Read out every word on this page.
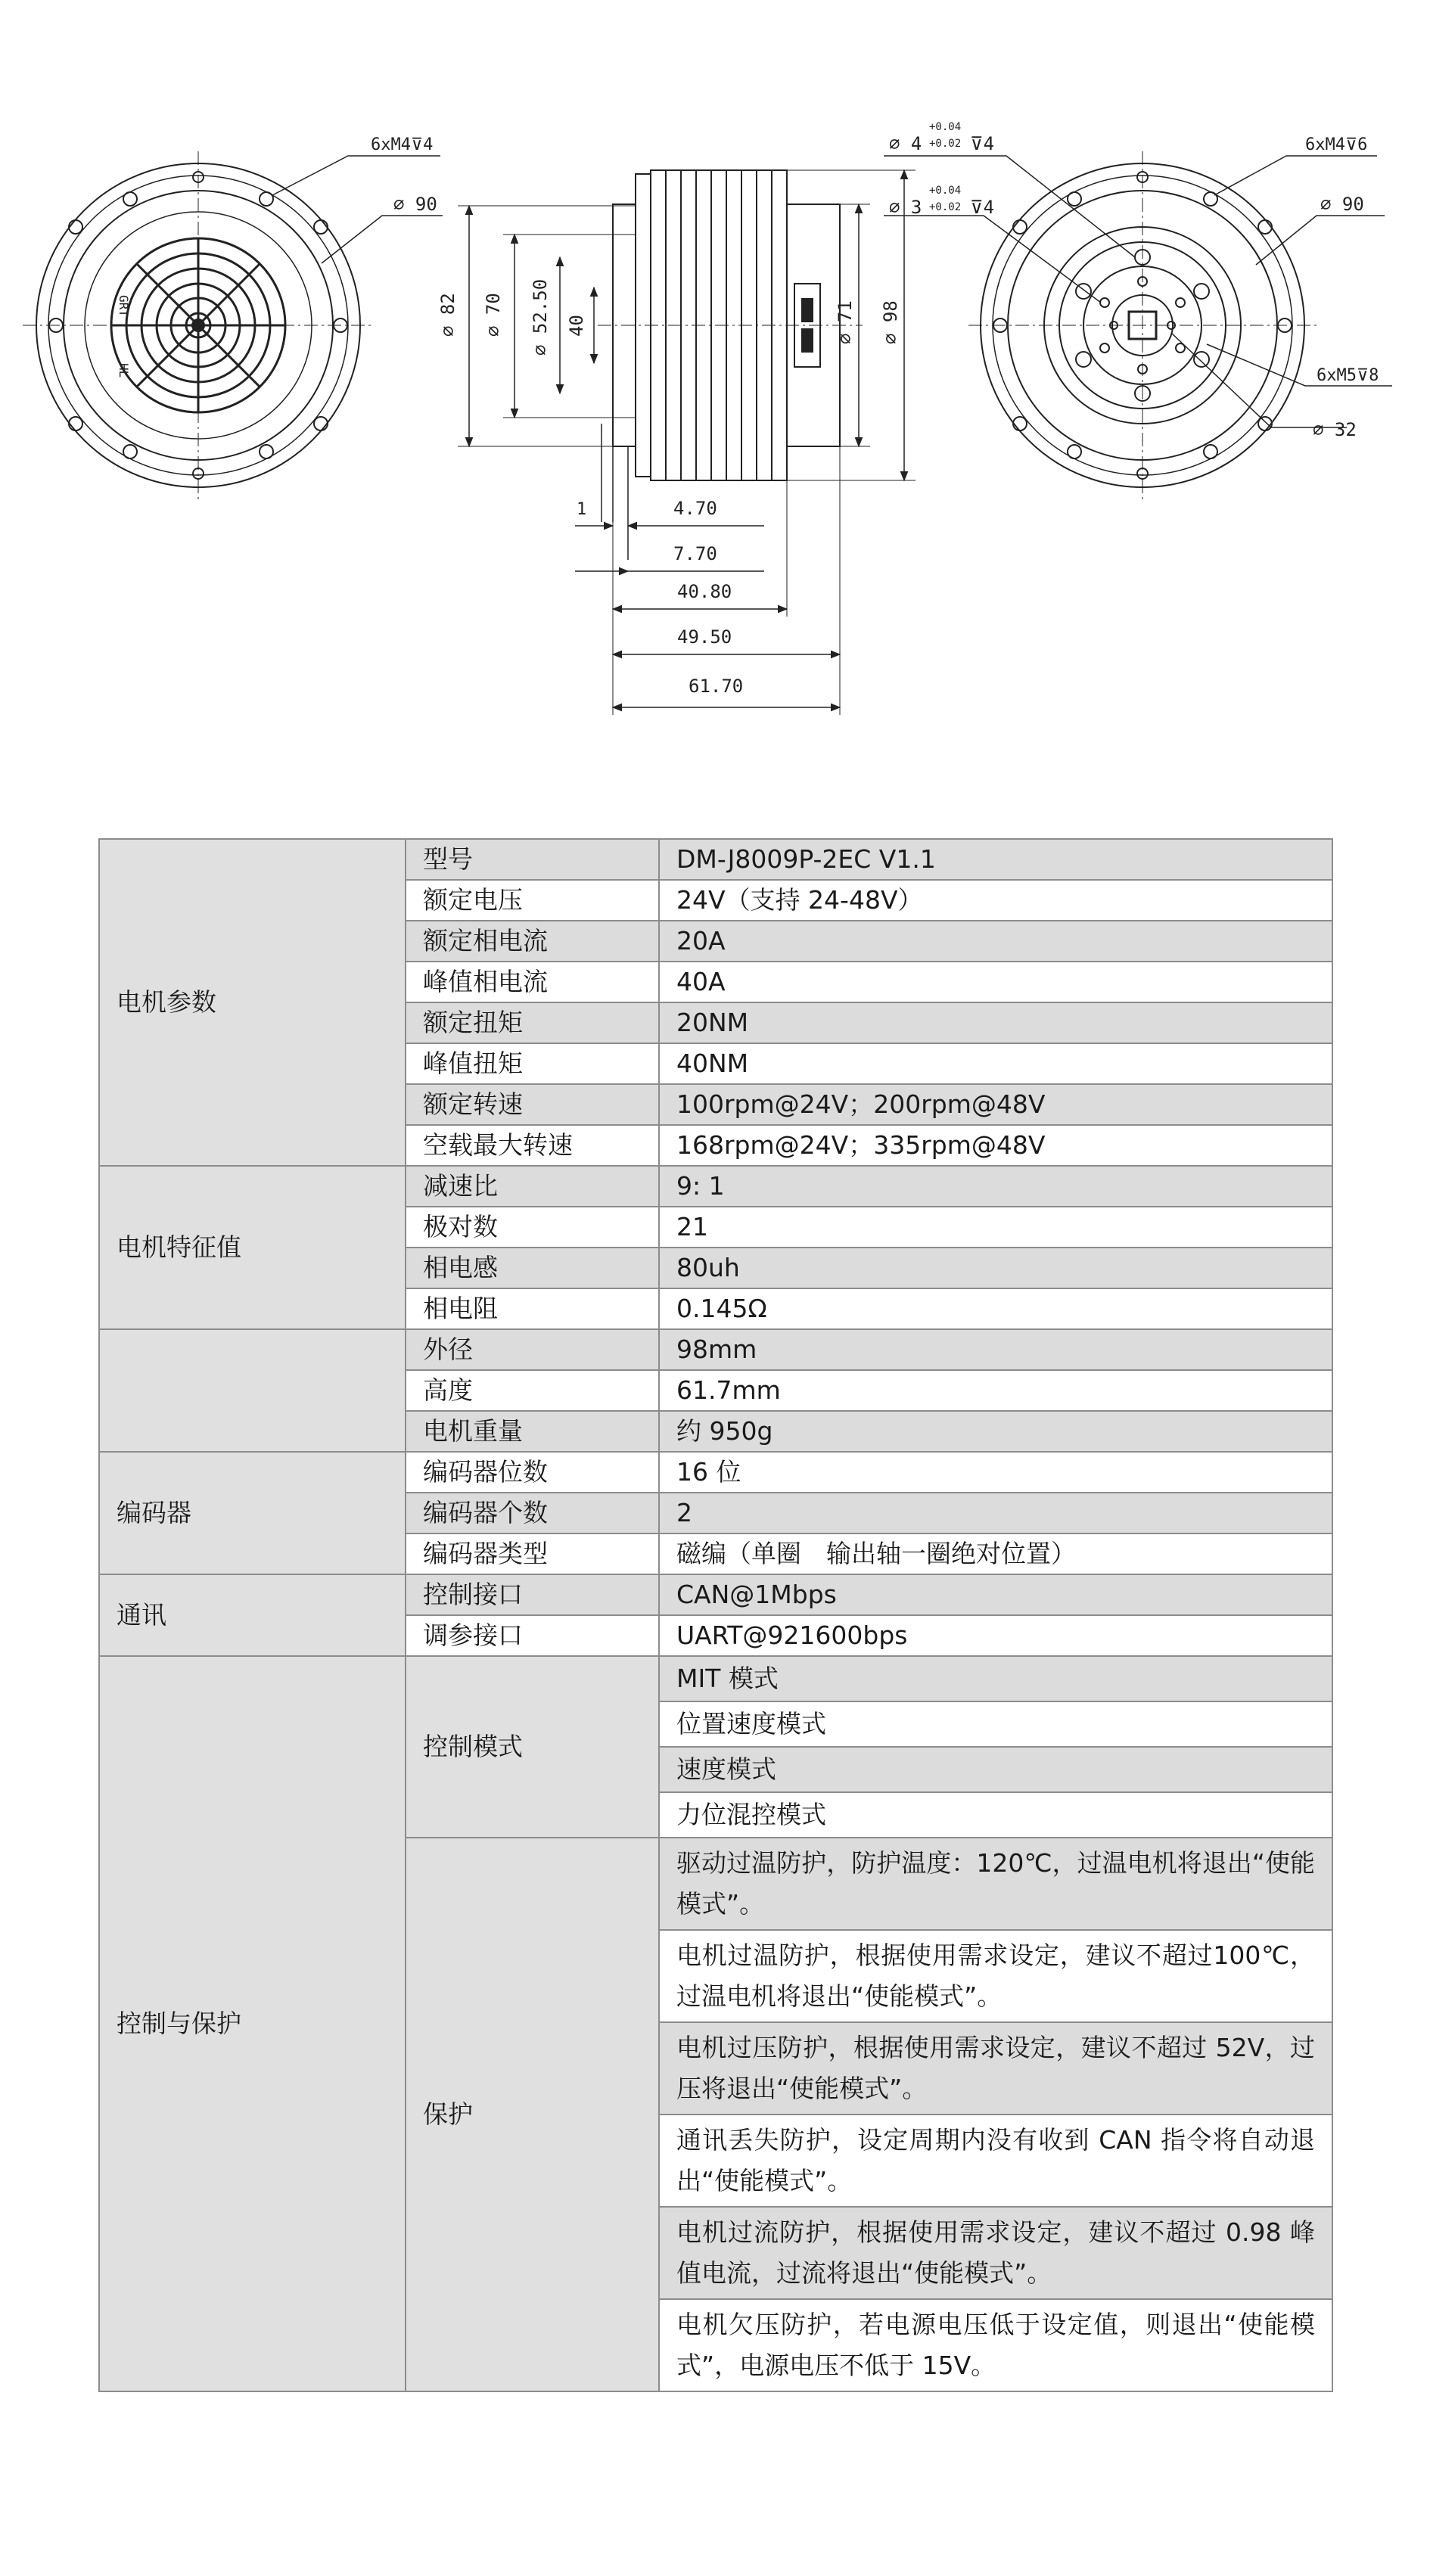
6xM4⊽4
⌀ 90
GRT
HL
⌀ 82
⌀ 70
⌀ 52.50 40	⌀ 71
⌀ 98
1	4.70
7.70
40.80
49.50
61.70
⌀ 4
+0.04
+0.02 ⊽4
⌀ 3
+0.04
+0.02 ⊽4
6xM4⊽6
⌀ 90
6xM5⊽8
⌀ 32
电机参数	型号	DM-J8009P-2EC V1.1
	额定电压	24V（支持 24-48V）
	额定相电流	20A
	峰值相电流	40A
	额定扭矩	20NM
	峰值扭矩	40NM
	额定转速	100rpm@24V；200rpm@48V
	空载最大转速	168rpm@24V；335rpm@48V
电机特征值	减速比	9: 1
	极对数	21
	相电感	80uh
	相电阻	0.145Ω
	外径	98mm
	高度	61.7mm
	电机重量	约 950g
编码器	编码器位数	16 位
	编码器个数	2
	编码器类型	磁编（单圈　输出轴一圈绝对位置）
通讯	控制接口	CAN@1Mbps
	调参接口	UART@921600bps
控制与保护	控制模式	MIT 模式
		位置速度模式
		速度模式
		力位混控模式
	保护	驱动过温防护，防护温度：120℃，过温电机将退出“使能模式”。
		电机过温防护，根据使用需求设定，建议不超过100℃，过温电机将退出“使能模式”。
		电机过压防护，根据使用需求设定，建议不超过 52V，过压将退出“使能模式”。
		通讯丢失防护，设定周期内没有收到 CAN 指令将自动退出“使能模式”。
		电机过流防护，根据使用需求设定，建议不超过 0.98 峰值电流，过流将退出“使能模式”。
		电机欠压防护，若电源电压低于设定值，则退出“使能模式”，电源电压不低于 15V。
